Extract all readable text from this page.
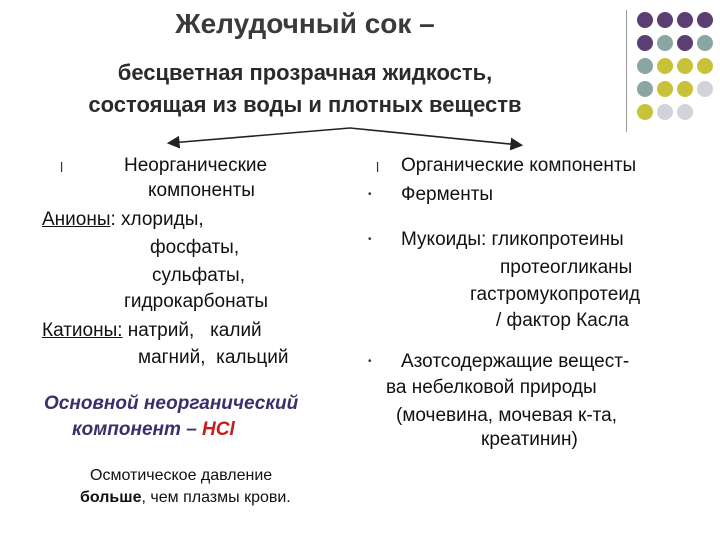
Желудочный сок –
бесцветная прозрачная жидкость,
состоящая из воды и плотных веществ
l	Неорганические
компоненты
Анионы: хлориды,
фосфаты,
сульфаты,
гидрокарбонаты
Катионы: натрий,   калий
магний,  кальций
Основной неорганический
компонент – HCl
Осмотическое давление
больше, чем плазмы крови.
l Органические компоненты
• Ферменты
• Мукоиды: гликопротеины
протеогликаны
гастромукопротеид
/ фактор Касла
• Азотсодержащие вещест-
ва небелковой природы
(мочевина, мочевая к-та,
креатинин)
